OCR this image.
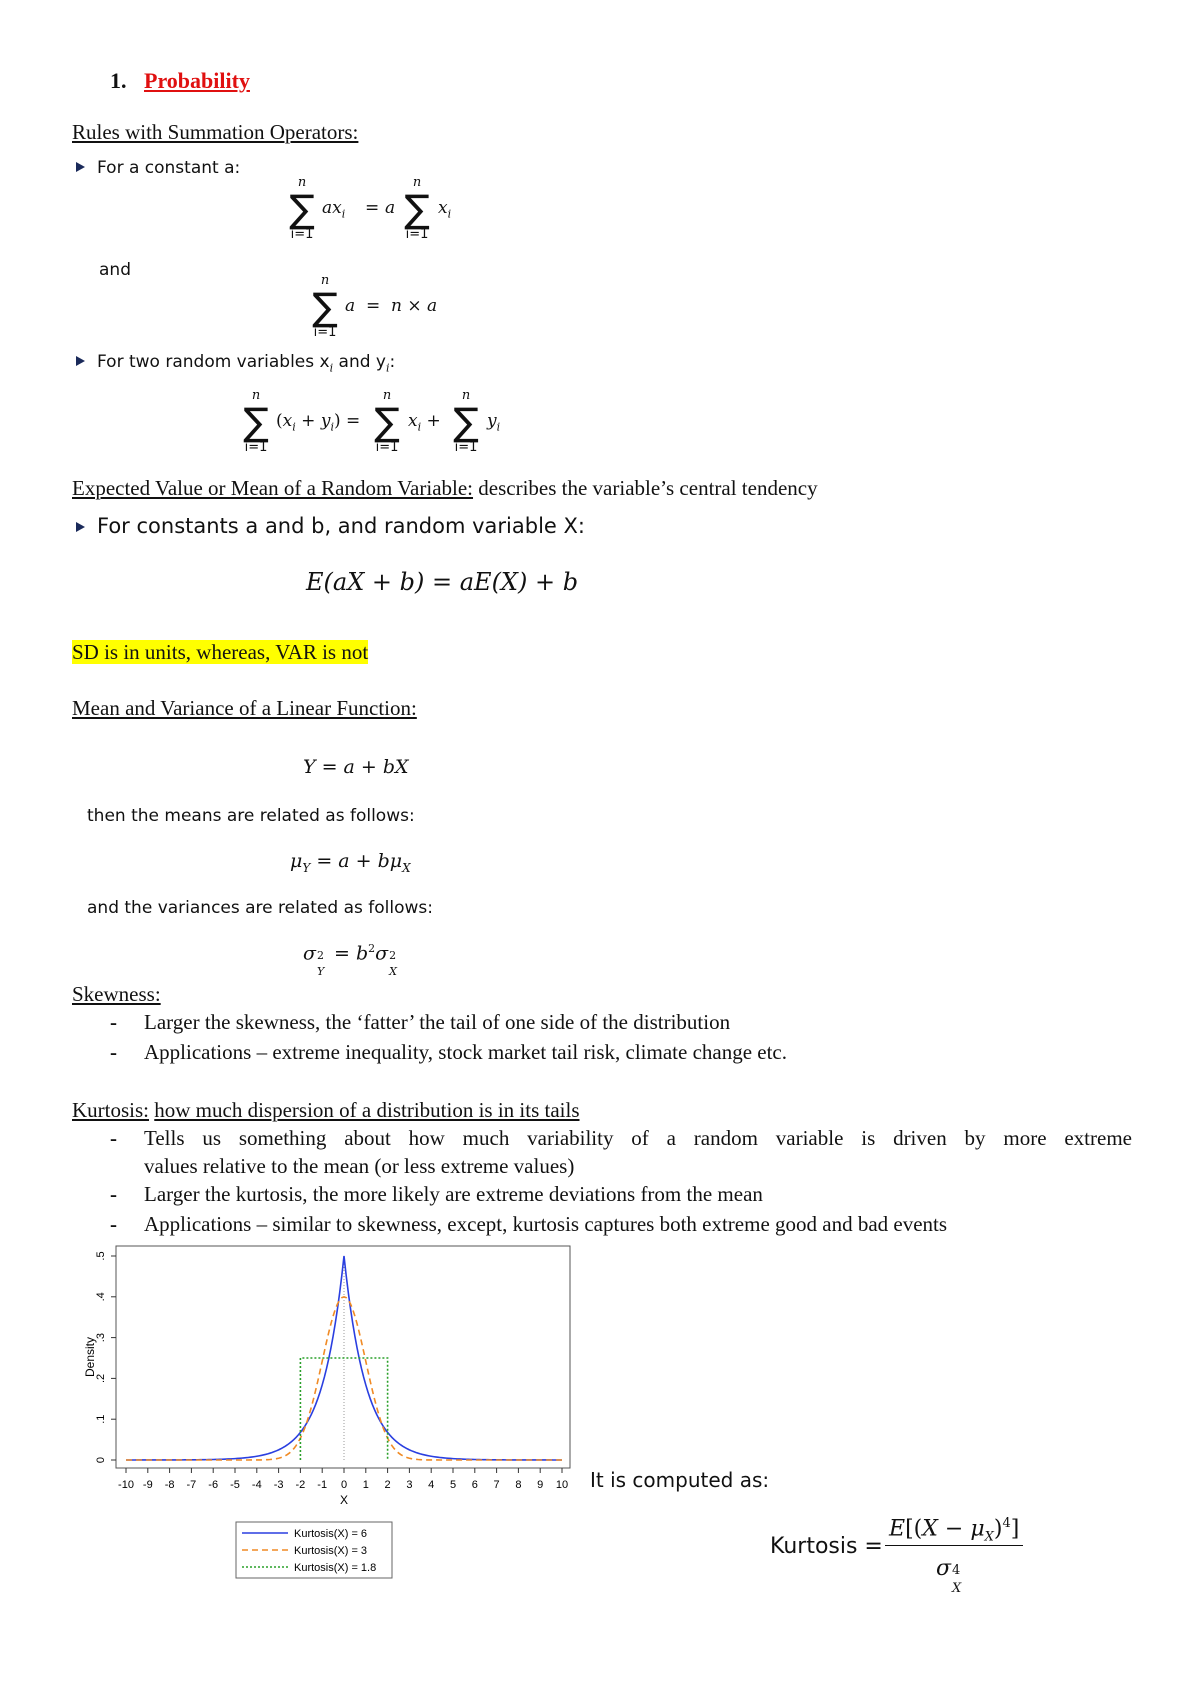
1. Probability
Rules with Summation Operators:
For a constant a:
n
∑
i=1
$ax_i = a$
n
∑
i=1
$x_i$
and
n
∑
i=1
a  =  n × a
For two random variables $x_i$ and $y_i$:
n
∑
i=1
$(x_i + y_i)$ =
n
∑
i=1
$x_i$ +
n
∑
i=1
$y_i$
Expected Value or Mean of a Random Variable: describes the variable’s central tendency
For constants a and b, and random variable X:
E(aX + b) = aE(X) + b
SD is in units, whereas, VAR is not
Mean and Variance of a Linear Function:
Y = a + bX
then the means are related as follows:
$\mu_Y = a + b\mu_X$
and the variances are related as follows:
σ 2
Y
= $b^2\sigma$ 2
X
Skewness:
- Larger the skewness, the ‘fatter’ the tail of one side of the distribution
- Applications – extreme inequality, stock market tail risk, climate change etc.
Kurtosis: how much dispersion of a distribution is in its tails
- Tells us something about how much variability of a random variable is driven by more extreme
values relative to the mean (or less extreme values)
- Larger the kurtosis, the more likely are extreme deviations from the mean
- Applications – similar to skewness, except, kurtosis captures both extreme good and bad events
-10 -9 -8 -7 -6 -5 -4 -3 -2 -1 0 1 2 3 4 5 6 7 8 9 10
X
0
.1
.2
.3
.4
.5
Density
Kurtosis(X) = 6
Kurtosis(X) = 3
Kurtosis(X) = 1.8
It is computed as:
Kurtosis =
$E[(X - \mu_X)^4]$
σ 4
X
